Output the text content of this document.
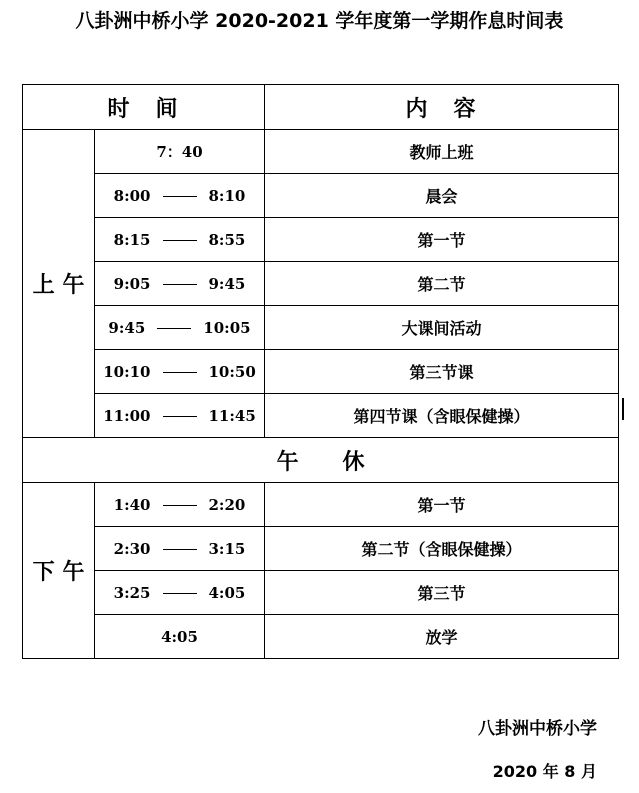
八卦洲中桥小学 2020-2021 学年度第一学期作息时间表
时　间		内　容
上 午	7：40	教师上班
	8:00 8:10	晨会
	8:15 8:55	第一节
	9:05 9:45	第二节
	9:45 10:05	大课间活动
	10:10 10:50	第三节课
	11:00 11:45	第四节课（含眼保健操）
午　　休		
下 午	1:40 2:20	第一节
	2:30 3:15	第二节（含眼保健操）
	3:25 4:05	第三节
	4:05	放学
八卦洲中桥小学
2020 年 8 月
